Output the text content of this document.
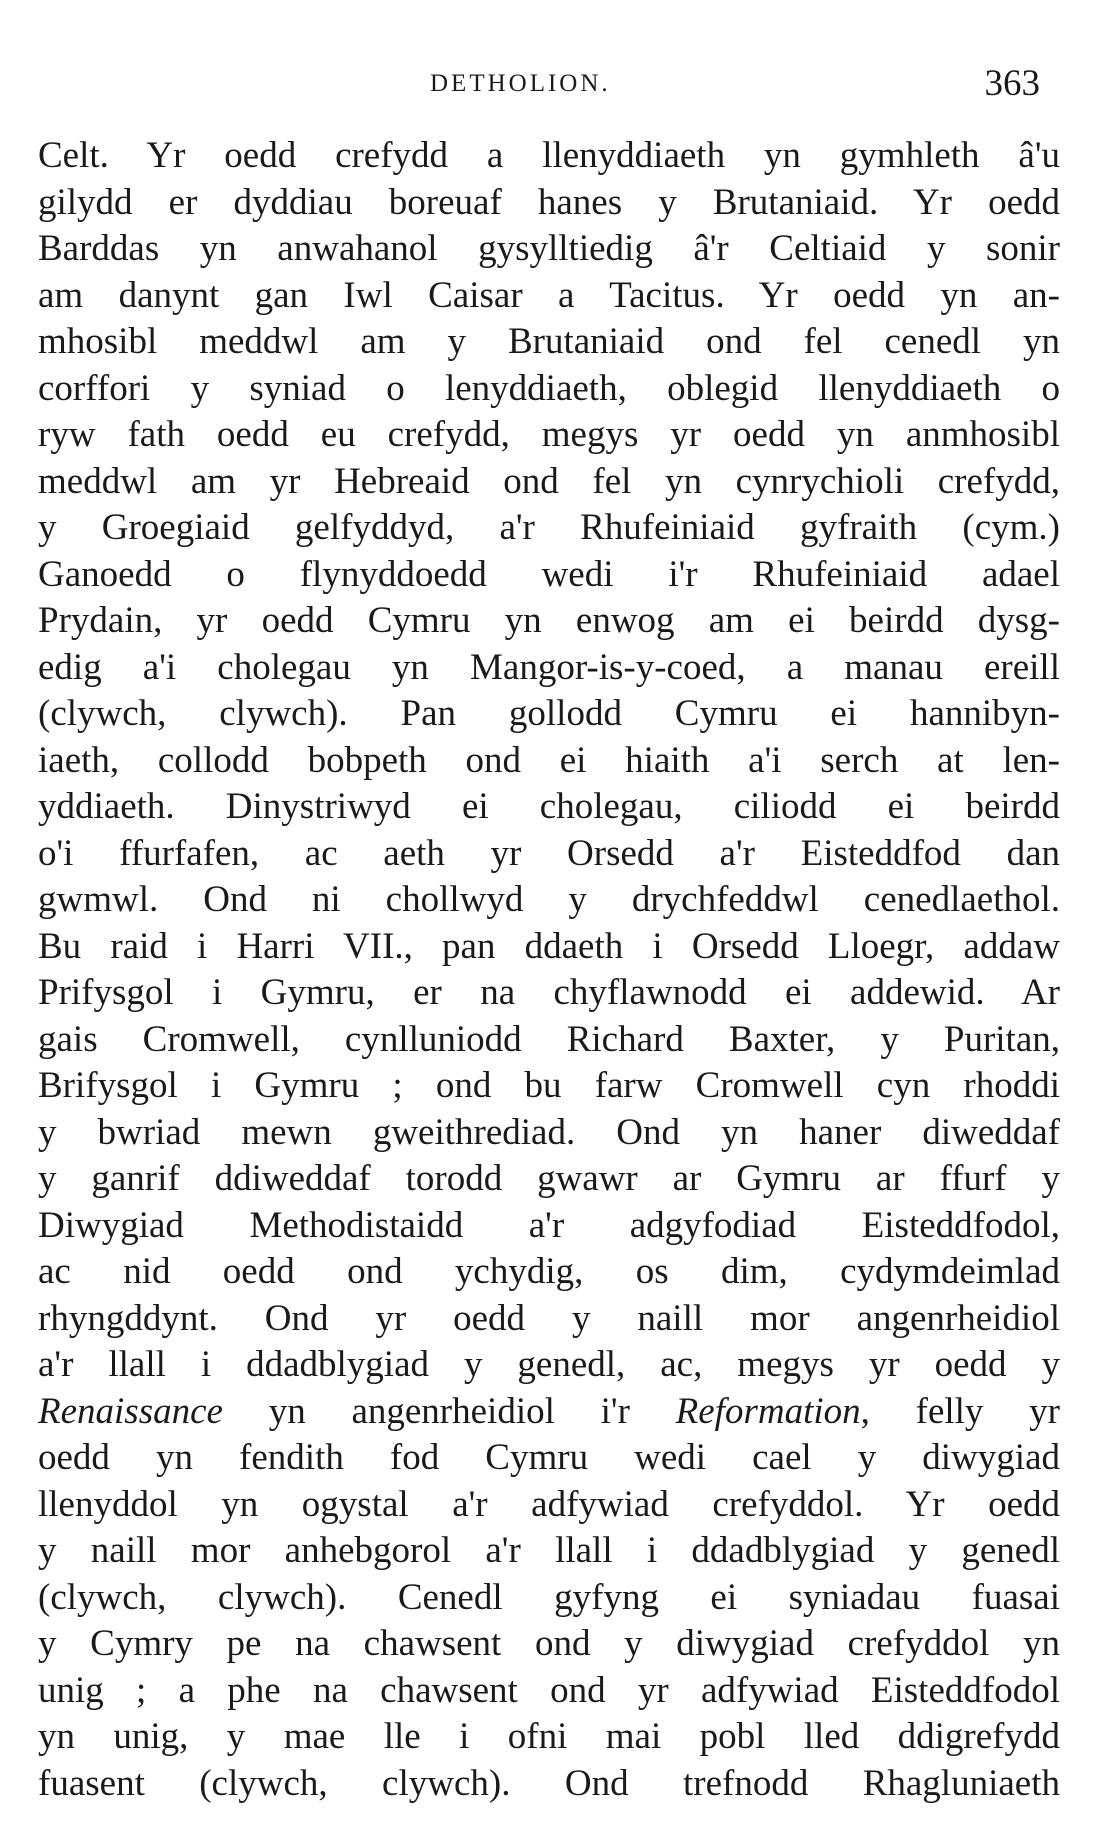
DETHOLION.	363
Celt. Yr oedd crefydd a llenyddiaeth yn gymhleth â'u
gilydd er dyddiau boreuaf hanes y Brutaniaid. Yr oedd
Barddas yn anwahanol gysylltiedig â'r Celtiaid y sonir
am danynt gan Iwl Caisar a Tacitus. Yr oedd yn an-
mhosibl meddwl am y Brutaniaid ond fel cenedl yn
corffori y syniad o lenyddiaeth, oblegid llenyddiaeth o
ryw fath oedd eu crefydd, megys yr oedd yn anmhosibl
meddwl am yr Hebreaid ond fel yn cynrychioli crefydd,
y Groegiaid gelfyddyd, a'r Rhufeiniaid gyfraith (cym.)
Ganoedd o flynyddoedd wedi i'r Rhufeiniaid adael
Prydain, yr oedd Cymru yn enwog am ei beirdd dysg-
edig a'i cholegau yn Mangor-is-y-coed, a manau ereill
(clywch, clywch). Pan gollodd Cymru ei hannibyn-
iaeth, collodd bobpeth ond ei hiaith a'i serch at len-
yddiaeth. Dinystriwyd ei cholegau, ciliodd ei beirdd
o'i ffurfafen, ac aeth yr Orsedd a'r Eisteddfod dan
gwmwl. Ond ni chollwyd y drychfeddwl cenedlaethol.
Bu raid i Harri VII., pan ddaeth i Orsedd Lloegr, addaw
Prifysgol i Gymru, er na chyflawnodd ei addewid. Ar
gais Cromwell, cynlluniodd Richard Baxter, y Puritan,
Brifysgol i Gymru ; ond bu farw Cromwell cyn rhoddi
y bwriad mewn gweithrediad. Ond yn haner diweddaf
y ganrif ddiweddaf torodd gwawr ar Gymru ar ffurf y
Diwygiad Methodistaidd a'r adgyfodiad Eisteddfodol,
ac nid oedd ond ychydig, os dim, cydymdeimlad
rhyngddynt. Ond yr oedd y naill mor angenrheidiol
a'r llall i ddadblygiad y genedl, ac, megys yr oedd y
Renaissance yn angenrheidiol i'r Reformation, felly yr
oedd yn fendith fod Cymru wedi cael y diwygiad
llenyddol yn ogystal a'r adfywiad crefyddol. Yr oedd
y naill mor anhebgorol a'r llall i ddadblygiad y genedl
(clywch, clywch). Cenedl gyfyng ei syniadau fuasai
y Cymry pe na chawsent ond y diwygiad crefyddol yn
unig ; a phe na chawsent ond yr adfywiad Eisteddfodol
yn unig, y mae lle i ofni mai pobl lled ddigrefydd
fuasent (clywch, clywch). Ond trefnodd Rhagluniaeth
